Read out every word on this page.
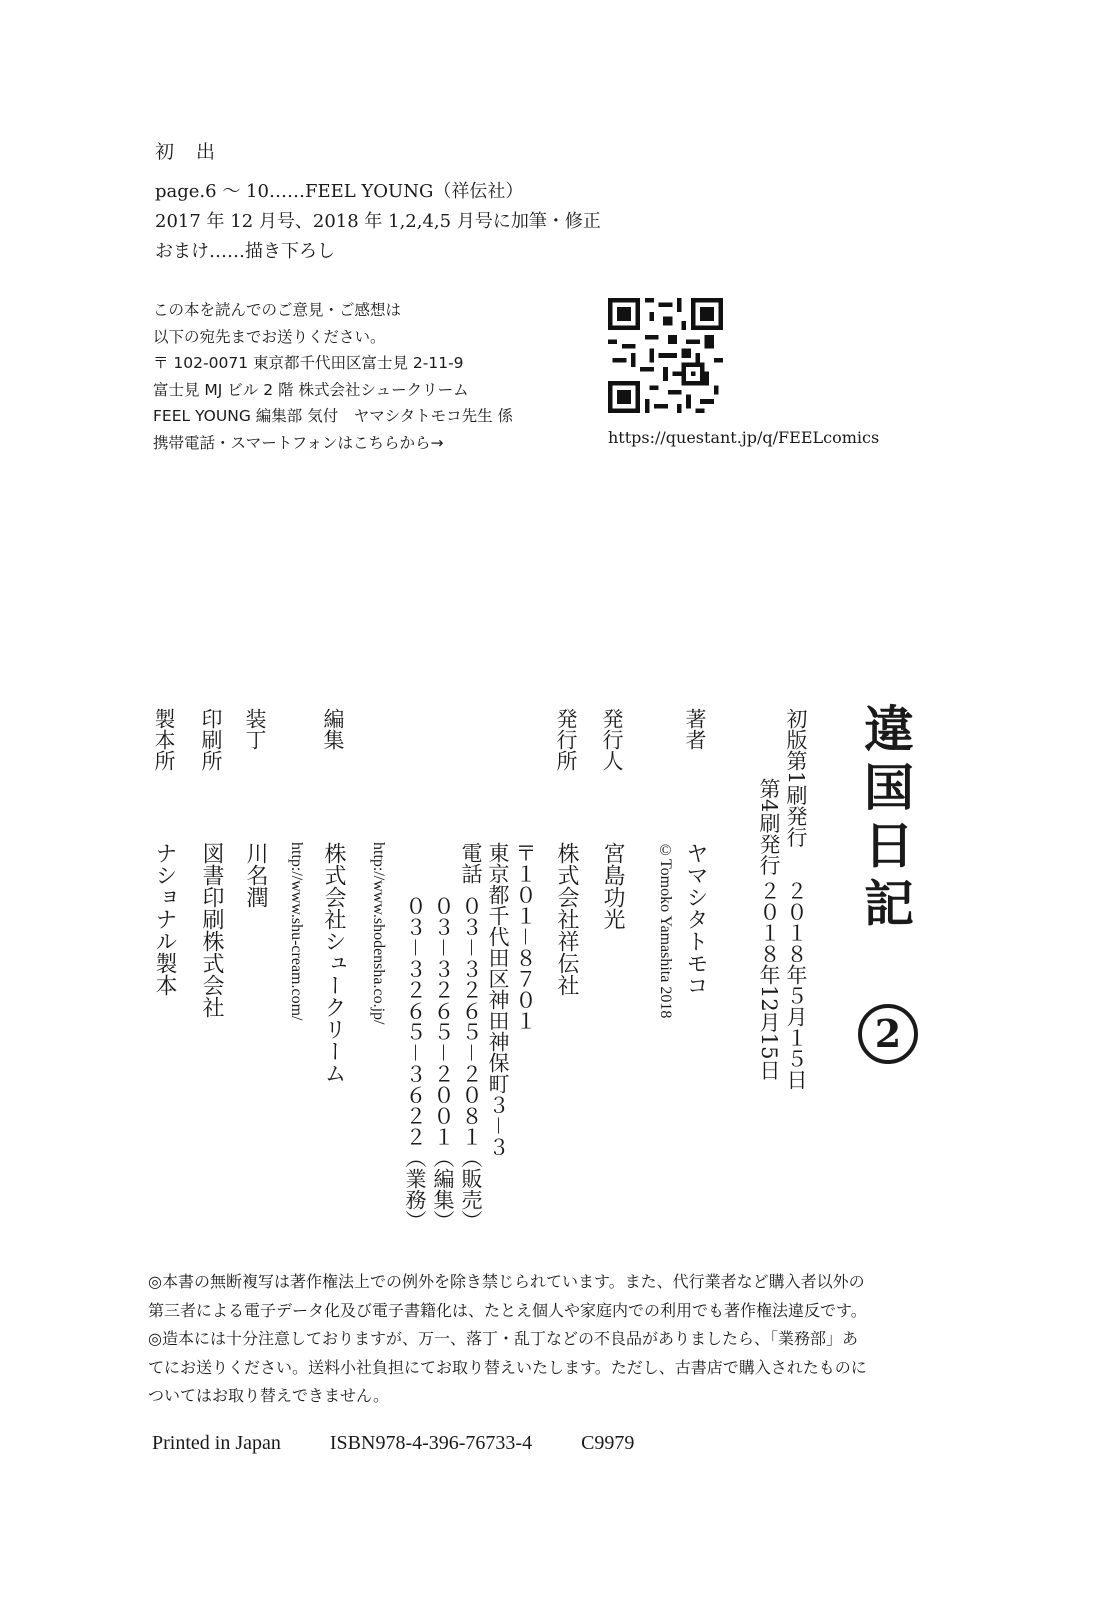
初 出
page.6 〜 10……FEEL YOUNG（祥伝社）
2017 年 12 月号、2018 年 1,2,4,5 月号に加筆・修正
おまけ……描き下ろし
この本を読んでのご意見・ご感想は
以下の宛先までお送りください。
〒 102-0071 東京都千代田区富士見 2-11-9
富士見 MJ ビル 2 階 株式会社シュークリーム
FEEL YOUNG 編集部 気付　ヤマシタトモコ先生 係
携帯電話・スマートフォンはこちらから→	https://questant.jp/q/FEELcomics
違国日記
2
初版第1刷発行
２０１８年５月１５日
第4刷発行
２０１８年12月15日
著者
ヤマシタトモコ
©Tomoko Yamashita 2018
発行人
宮島功光
発行所
株式会社祥伝社
〒１０１－８７０１
東京都千代田区神田神保町３－３
電話
０３－３２６５－２０８１（販売）
０３－３２６５－２００１（編集）
０３－３２６５－３６２２（業務）
http://www.shodensha.co.jp/
編集
株式会社シュークリーム
http://www.shu-cream.com/
装丁
川名潤
印刷所
図書印刷株式会社
製本所
ナショナル製本
◎本書の無断複写は著作権法上での例外を除き禁じられています。また、代行業者など購入者以外の
第三者による電子データ化及び電子書籍化は、たとえ個人や家庭内での利用でも著作権法違反です。
◎造本には十分注意しておりますが、万一、落丁・乱丁などの不良品がありましたら、「業務部」あ
てにお送りください。送料小社負担にてお取り替えいたします。ただし、古書店で購入されたものに
ついてはお取り替えできません。
Printed in Japan ISBN978-4-396-76733-4 C9979
